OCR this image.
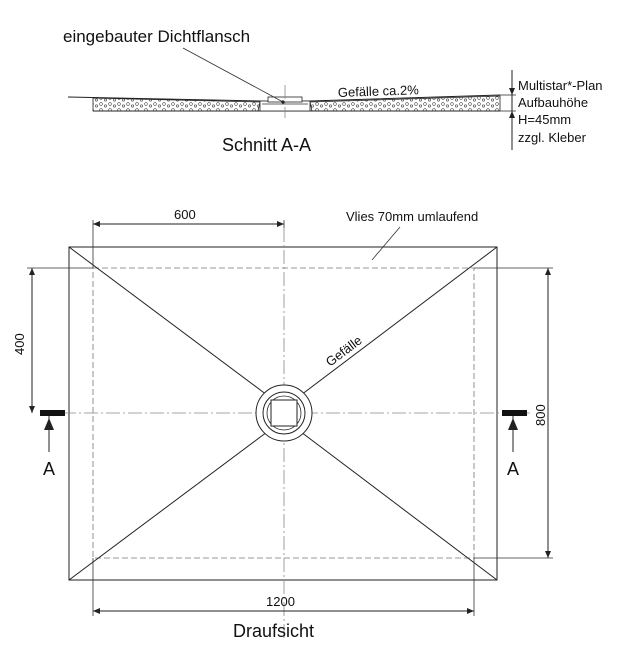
eingebauter Dichtflansch
Gefälle ca.2%
Schnitt A-A
Multistar*-Plan
Aufbauhöhe
H=45mm
zzgl. Kleber
600	Vlies 70mm umlaufend
Gefälle
400
800
1200
A	A
Draufsicht
